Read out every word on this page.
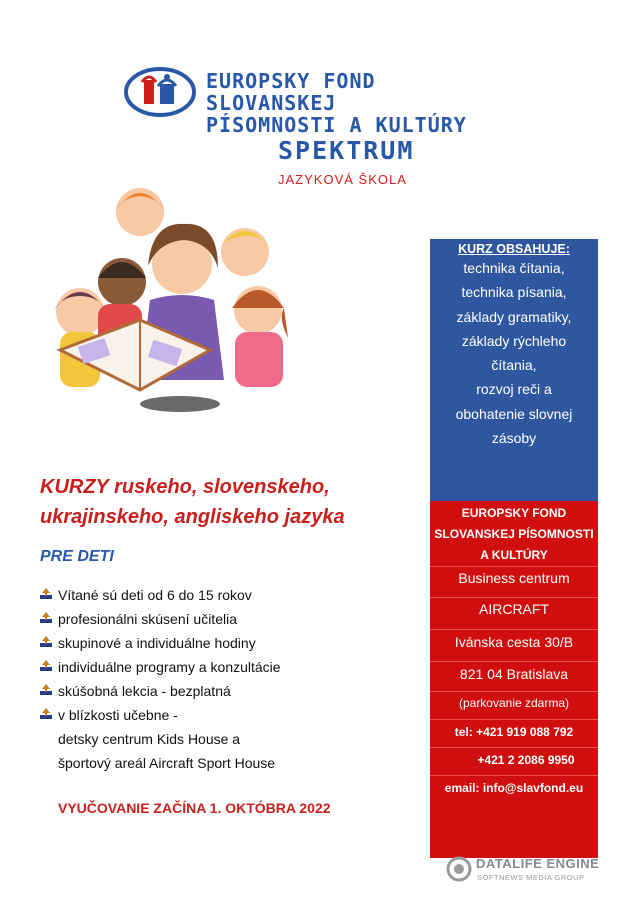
EUROPSKY FOND SLOVANSKEJ
PÍSOMNOSTI A KULTÚRY
SPEKTRUM
JAZYKOVÁ ŠKOLA
KURZ OBSAHUJE:
technika čítania,
technika písania,
základy gramatiky,
základy rýchleho
čítania,
rozvoj reči a
obohatenie slovnej
zásoby
EUROPSKY FOND
SLOVANSKEJ PÍSOMNOSTI
A KULTÚRY
Business centrum
AIRCRAFT
Ivánska cesta 30/B
821 04 Bratislava
(parkovanie zdarma)
tel: +421 919 088 792
+421 2 2086 9950
email: info@slavfond.eu
KURZY ruskeho, slovenskeho,
ukrajinskeho, angliskeho jazyka
PRE DETI
Vítané sú deti od 6 do 15 rokov
profesionálni skúsení učitelia
skupinové a individuálne hodiny
individuálne programy a konzultácie
skúšobná lekcia - bezplatná
v blízkosti učebne -
detsky centrum Kids House a
športový areál Aircraft Sport House
VYUČOVANIE ZAČÍNA 1. OKTÓBRA 2022
DATALIFE ENGINE
SOFTNEWS MEDIA GROUP
